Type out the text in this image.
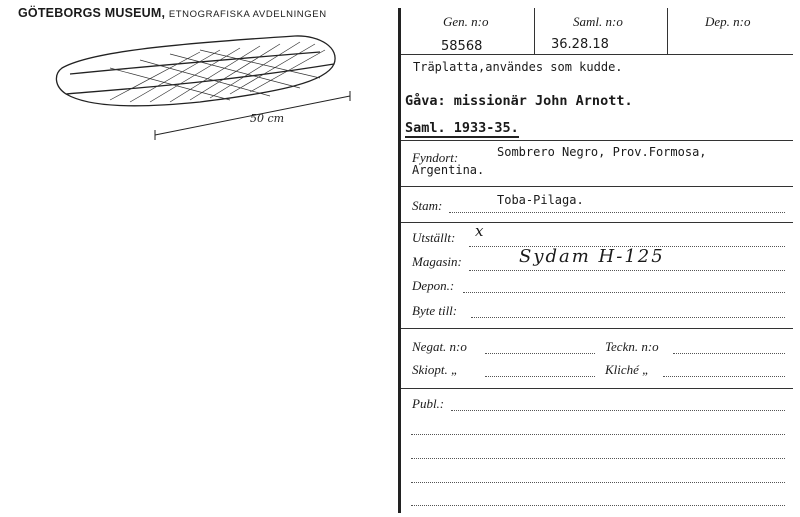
GÖTEBORGS MUSEUM, ETNOGRAFISKA AVDELNINGEN
50 cm
Gen. n:o	Saml. n:o	Dep. n:o
58568	36.28.18
Träplatta,användes som kudde.
Gåva: missionär John Arnott.
Saml. 1933-35.
Fyndort:	Sombrero Negro, Prov.Formosa,
Argentina.
Stam:	Toba-Pilaga.
Utställt: x
Magasin:	Sydam H-125
Depon.:
Byte till:
Negat. n:o	Teckn. n:o
Skiopt. „	Kliché „
Publ.:
